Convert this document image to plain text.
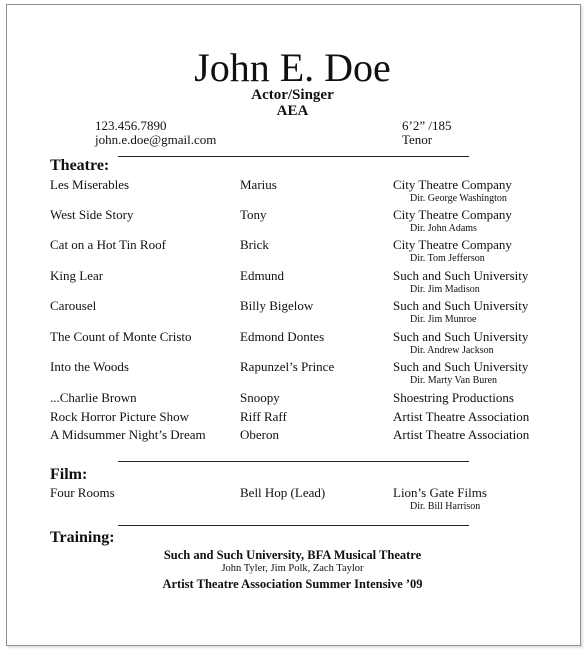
John E. Doe
Actor/Singer
AEA
123.456.7890
john.e.doe@gmail.com
6’2” /185
Tenor
Theatre:
Les Miserables	Marius	City Theatre Company
Dir. George Washington
West Side Story	Tony	City Theatre Company
Dir. John Adams
Cat on a Hot Tin Roof	Brick	City Theatre Company
Dir. Tom Jefferson
King Lear	Edmund	Such and Such University
Dir. Jim Madison
Carousel	Billy Bigelow	Such and Such University
Dir. Jim Munroe
The Count of Monte Cristo	Edmond Dontes	Such and Such University
Dir. Andrew Jackson
Into the Woods	Rapunzel’s Prince	Such and Such University
Dir. Marty Van Buren
...Charlie Brown	Snoopy	Shoestring Productions
Rock Horror Picture Show	Riff Raff	Artist Theatre Association
A Midsummer Night’s Dream	Oberon	Artist Theatre Association
Film:
Four Rooms	Bell Hop (Lead)	Lion’s Gate Films
Dir. Bill Harrison
Training:
Such and Such University, BFA Musical Theatre
John Tyler, Jim Polk, Zach Taylor
Artist Theatre Association Summer Intensive ’09
